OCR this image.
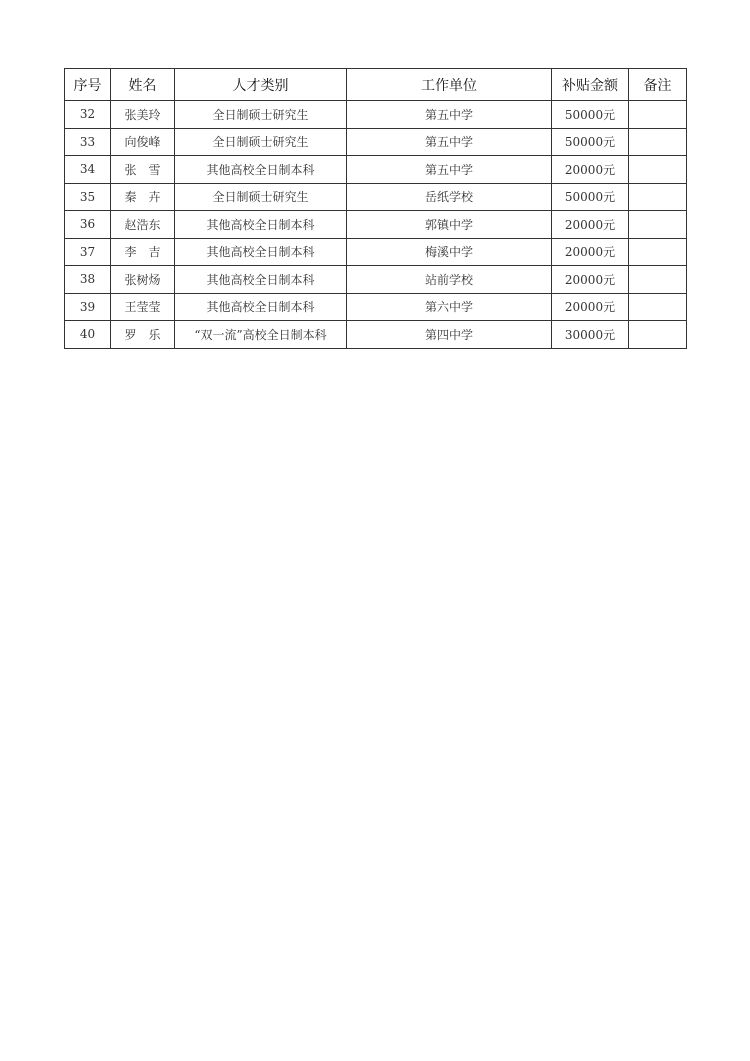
序号	姓名	人才类别	工作单位	补贴金额	备注
32	张美玲	全日制硕士研究生	第五中学	50000元	
33	向俊峰	全日制硕士研究生	第五中学	50000元	
34	张　雪	其他高校全日制本科	第五中学	20000元	
35	秦　卉	全日制硕士研究生	岳纸学校	50000元	
36	赵浩东	其他高校全日制本科	郭镇中学	20000元	
37	李　吉	其他高校全日制本科	梅溪中学	20000元	
38	张树炀	其他高校全日制本科	站前学校	20000元	
39	王莹莹	其他高校全日制本科	第六中学	20000元	
40	罗　乐	“双一流”高校全日制本科	第四中学	30000元	
